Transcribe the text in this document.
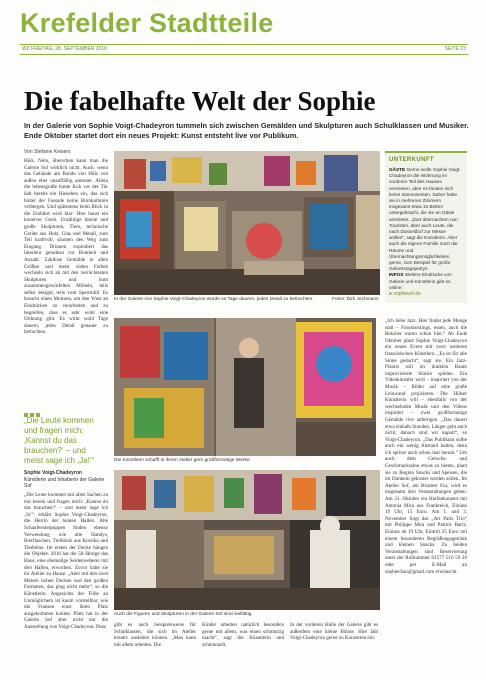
Krefelder Stadtteile
WZ FREITAG, 28. SEPTEMBER 2018	SEITE 23
Die fabelhafte Welt der Sophie
In der Galerie von Sophie Voigt-Chadeyron tummeln sich zwischen Gemälden und Skulpturen auch Schulklassen und Musiker. Ende Oktober startet dort ein neues Projekt: Kunst entsteht live vor Publikum.
Von Stefanie Keisers

Hüls. Nein, überschen kann man die Galerie Sof wirklich nicht. Auch, wenn das Gebäude am Rande von Hüls von außen eher unauffällig anmutet. Allein die lebensgroße bunte Kuh vor der Tür lädt bereits ein Hinsehen ein, das sich hinter der Fassade keine Bürokulturen verbergen. Und spätestens beim Blick in die Einfahrt wird klar: Hier haust ein kreativer Geist. Unzählige kleine und große Skulpturen, Tiere, technische Geräte aus Holz, Glas und Metall, zum Teil kraftvoll, säumen den Weg zum Eingang. Drinnen explodiert das Interieur geradezu vor Buntheit und Anzahl. Zahllose Gemälde in allen Größen und meist vielen Farben wechseln sich ab mit den verrücktesten Skulpturen und bunt zusammengewürfelten Möbeln, teils selbst designt, teils vom Sperrmüll. Es braucht einen Moment, um den Wust an Eindrücken zu verarbeiten und zu begreifen, dass es sehr wohl eine Ordnung gibt. Es wirkt wohl Tage dauern, jedes Detail genauer zu betrachten.

„Die Leute kommen und fragen mich: ‚Kannst du das brauchen?‘ – und meist sage ich ‚Ja!‘“
Sophie Voigt-Chadeyron
Künstlerin und Inhaberin der Galerie Sof

„Die Leute kommen mit allen Sachen zu mir herein und fragen mich: ‚Kannst du das brauchen?‘ – und meist sage ich ‚Ja‘“, erklärt Sophie Voigt-Chadeyron, die Herrin der bunten Hallen. Alte Schaufensterpuppen finden ebenso Verwendung wie alte Handys, Bierflaschen, Treibholz aus Korsika und Tierbeine. Im ersten der Decke hängen die Objekte. 2016 hat die 58-Jährige das Haus, eine ehemalige Seidenweberei mit drei Hallen, erworben. Zuvor hatte sie ihr Atelier zu Hause. „Aber mit den zwei Metern hohen Decken und den großen Formaten, das ging nicht mehr“, so die Künstlerin. Angesichts der Fülle an Unmöglichem ist kaum vorstellbar, wie die Fransen einst ihren Platz ausgekommen konnte. Platz hat in der Galerie Sof aber nicht nur die Ausstellung von Voigt-Chadeyron. Platz

In der Galerie von Sophie Voigt-Chadeyron würde es Tage dauern, jedes Detail zu betrachten.	Fotos: Dirk Jochmann
UNTERKUNFT
GÄSTE Gerne wolle Sophie Voigt-Chadeyron die Wohnung im vorderen Teil des Hauses vermieten, aber es fanden sich keine Interessenten. Daher hatte sie in mehreren Zimmern insgesamt etwa 15 Betten untergebracht, die sie an Gäste vermietet. „Dort übernachten nun Touristen, aber auch Leute, die nach Düsseldorf zur Messe wollen“, sagt die Künstlerin. Aber auch die eigene Familie nutzt die Räume und Übernachtungsmöglichkeiten gerne, zum Beispiel für große Geburtstagspartys.
INFOS Weitere Eindrücke von Galerie und Künstlerin gibt es online:
● sophieart.de
Die Künstlerin schafft in ihrem Atelier gern großformatige Werke.

„Ich liebe Jazz. Hier findet jede Menge statt – Fotoshootings, essen, auch die Rotarier waren schon hier.“ Ab Ende Oktober plant Sophie Voigt-Chadeyron ein neues Event mit zwei weiteren französischen Künstlern. „Es ist für alle Sinne gedacht“, sagt sie. Ein Jazz-Pianist soll im dunklen Raum improvisierte Stücke spielen. Ein Videokünstler wird – inspiriert von der Musik – Bilder auf eine große Leinwand projizieren. Die Hülser Künstlerin will – ebenfalls von der wechselnden Musik und den Videos inspiriert – zwei großformatige Gemälde live anfertigen. „Das dauert etwa einhalb Stunden. Länger geht auch nicht, danach sind wir kaputt“, so Voigt-Chadeyron. „Das Publikum sollte auch ein wenig Abstand halten, denn ich spritze auch schon mal herum.“ Um auch dem Geruchs- und Geschmackssinn etwas zu bieten, plant sie zu Beginn Snacks und Speisen, die im Dunkeln gekostet werden sollen. Im Atelier Sof, am Brustert 61a, wird es insgesamt drei Veranstaltungen geben. Am 31. Oktober ein Harfenkonzert mit Antonia Mira aus Frankreich, Einlass 19 Uhr, 15 Euro. Am 1. und 3. November folgt das „Art Paris Trio“ mit Philippe Mira und Patrice Barry, Einlass ab 19 Uhr, Eintritt 25 Euro mit einem besonderen Begrüßungsgetränk und kleinen Snacks. Zu beiden Veranstaltungen sind Reservierung unter der Rufnummer 01577 516 59 20 oder per E-Mail an sophiechao@gmail.com erwünscht.

Auch die Figuren und Skulpturen in der Galerie Sof sind vielfältig.

gibt es auch beispielsweise für Schulklassen, die sich im Atelier kreativ ausleben können. „Man kann mit allem arbeiten. Die

Kinder arbeiten natürlich besonders gerne mit allem, was einen schmutzig macht“, sagt die Künstlerin und schmunzelt.

In der vorderen Halle der Galerie gibt es außerdem eine kleine Bühne. Hier lädt Voigt-Chadeyron gerne zu Konzerten ein:
